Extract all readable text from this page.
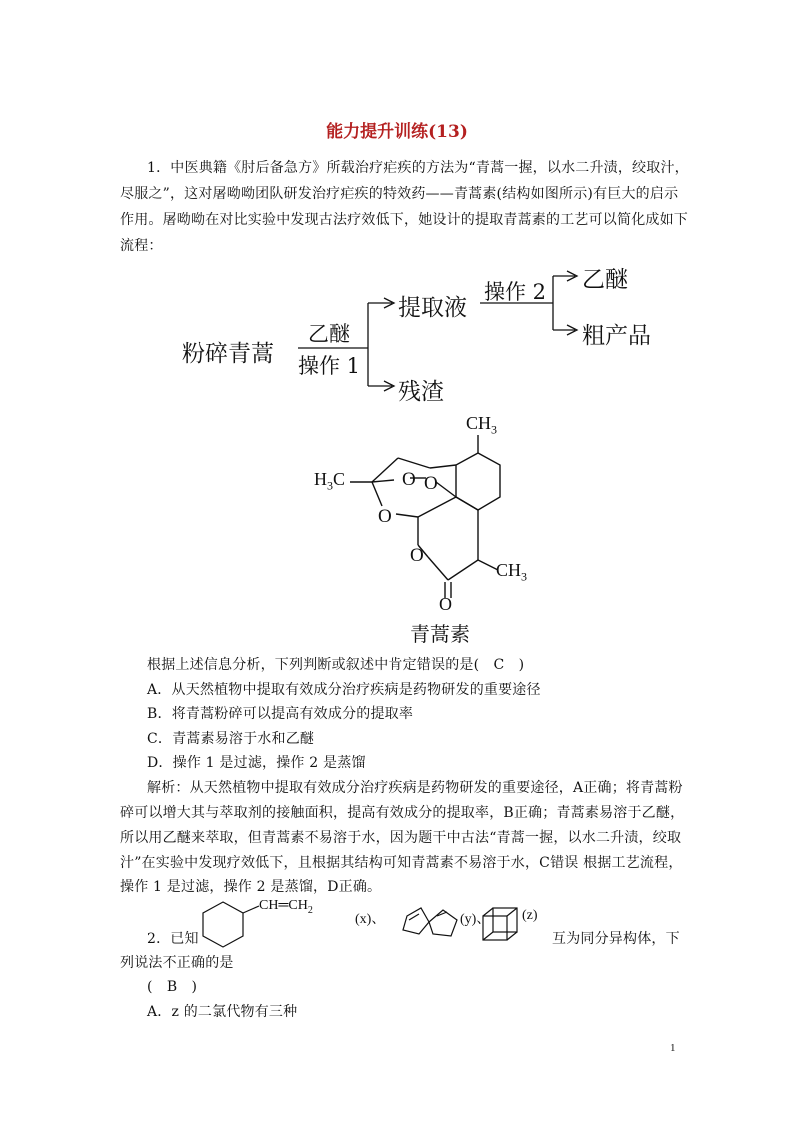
能力提升训练(13)
1．中医典籍《肘后备急方》所载治疗疟疾的方法为“青蒿一握，以水二升渍，绞取汁，
尽服之”，这对屠呦呦团队研发治疗疟疾的特效药——青蒿素(结构如图所示)有巨大的启示
作用。屠呦呦在对比实验中发现古法疗效低下，她设计的提取青蒿素的工艺可以简化成如下
流程：
粉碎青蒿
乙醚
操作 1
提取液
残渣
操作 2 乙醚
粗产品
O O
O
O
$CH_3$
$H_3C$
$CH_3$
O
青蒿素
根据上述信息分析，下列判断或叙述中肯定错误的是(　C　)
A．从天然植物中提取有效成分治疗疾病是药物研发的重要途径
B．将青蒿粉碎可以提高有效成分的提取率
C．青蒿素易溶于水和乙醚
D．操作 1 是过滤，操作 2 是蒸馏
解析：从天然植物中提取有效成分治疗疾病是药物研发的重要途径，A正确；将青蒿粉
碎可以增大其与萃取剂的接触面积，提高有效成分的提取率，B正确；青蒿素易溶于乙醚，
所以用乙醚来萃取，但青蒿素不易溶于水，因为题干中古法“青蒿一握，以水二升渍，绞取
汁”在实验中发现疗效低下，且根据其结构可知青蒿素不易溶于水，C错误 根据工艺流程，
操作 1 是过滤，操作 2 是蒸馏，D正确。
2．已知
$CH═CH_2$
(x)、	(y)、 (z)
互为同分异构体，下
列说法不正确的是
(　B　)
A．z 的二氯代物有三种
1
